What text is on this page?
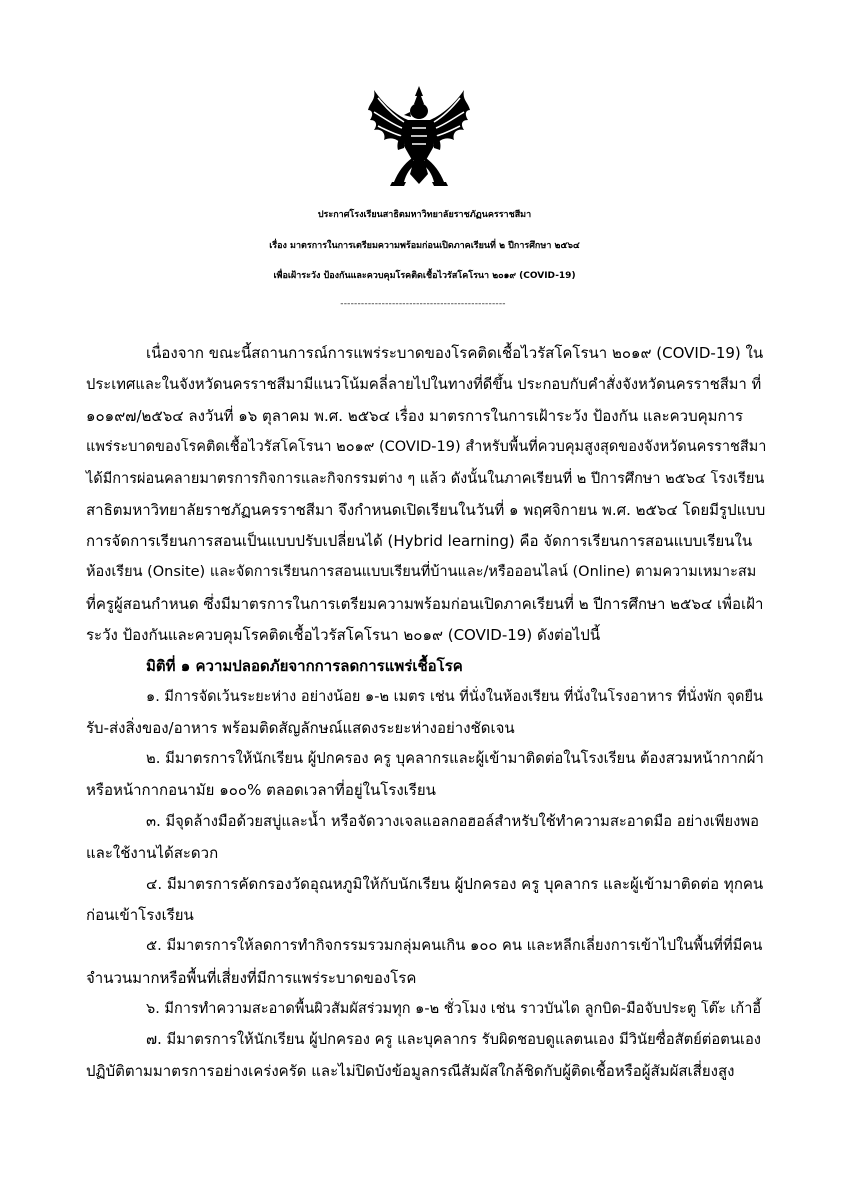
ประกาศโรงเรียนสาธิตมหาวิทยาลัยราชภัฏนครราชสีมา
เรื่อง มาตรการในการเตรียมความพร้อมก่อนเปิดภาคเรียนที่ ๒ ปีการศึกษา ๒๕๖๔
เพื่อเฝ้าระวัง ป้องกันและควบคุมโรคติดเชื้อไวรัสโคโรนา ๒๐๑๙ (COVID-19)
------------------------------------------------
เนื่องจาก ขณะนี้สถานการณ์การแพร่ระบาดของโรคติดเชื้อไวรัสโคโรนา ๒๐๑๙ (COVID-19) ใน
ประเทศและในจังหวัดนครราชสีมามีแนวโน้มคลี่ลายไปในทางที่ดีขึ้น ประกอบกับคำสั่งจังหวัดนครราชสีมา ที่
๑๐๑๙๗/๒๕๖๔ ลงวันที่ ๑๖ ตุลาคม พ.ศ. ๒๕๖๔ เรื่อง มาตรการในการเฝ้าระวัง ป้องกัน และควบคุมการ
แพร่ระบาดของโรคติดเชื้อไวรัสโคโรนา ๒๐๑๙ (COVID-19) สำหรับพื้นที่ควบคุมสูงสุดของจังหวัดนครราชสีมา
ได้มีการผ่อนคลายมาตรการกิจการและกิจกรรมต่าง ๆ แล้ว ดังนั้นในภาคเรียนที่ ๒ ปีการศึกษา ๒๕๖๔ โรงเรียน
สาธิตมหาวิทยาลัยราชภัฏนครราชสีมา จึงกำหนดเปิดเรียนในวันที่ ๑ พฤศจิกายน พ.ศ. ๒๕๖๔ โดยมีรูปแบบ
การจัดการเรียนการสอนเป็นแบบปรับเปลี่ยนได้ (Hybrid learning) คือ จัดการเรียนการสอนแบบเรียนใน
ห้องเรียน (Onsite) และจัดการเรียนการสอนแบบเรียนที่บ้านและ/หรือออนไลน์ (Online) ตามความเหมาะสม
ที่ครูผู้สอนกำหนด ซึ่งมีมาตรการในการเตรียมความพร้อมก่อนเปิดภาคเรียนที่ ๒ ปีการศึกษา ๒๕๖๔ เพื่อเฝ้า
ระวัง ป้องกันและควบคุมโรคติดเชื้อไวรัสโคโรนา ๒๐๑๙ (COVID-19) ดังต่อไปนี้
มิติที่ ๑ ความปลอดภัยจากการลดการแพร่เชื้อโรค
๑. มีการจัดเว้นระยะห่าง อย่างน้อย ๑-๒ เมตร เช่น ที่นั่งในห้องเรียน ที่นั่งในโรงอาหาร ที่นั่งพัก จุดยืน
รับ-ส่งสิ่งของ/อาหาร พร้อมติดสัญลักษณ์แสดงระยะห่างอย่างชัดเจน
๒. มีมาตรการให้นักเรียน ผู้ปกครอง ครู บุคลากรและผู้เข้ามาติดต่อในโรงเรียน ต้องสวมหน้ากากผ้า
หรือหน้ากากอนามัย ๑๐๐% ตลอดเวลาที่อยู่ในโรงเรียน
๓. มีจุดล้างมือด้วยสบู่และน้ำ หรือจัดวางเจลแอลกอฮอล์สำหรับใช้ทำความสะอาดมือ อย่างเพียงพอ
และใช้งานได้สะดวก
๔. มีมาตรการคัดกรองวัดอุณหภูมิให้กับนักเรียน ผู้ปกครอง ครู บุคลากร และผู้เข้ามาติดต่อ ทุกคน
ก่อนเข้าโรงเรียน
๕. มีมาตรการให้ลดการทำกิจกรรมรวมกลุ่มคนเกิน ๑๐๐ คน และหลีกเลี่ยงการเข้าไปในพื้นที่ที่มีคน
จำนวนมากหรือพื้นที่เสี่ยงที่มีการแพร่ระบาดของโรค
๖. มีการทำความสะอาดพื้นผิวสัมผัสร่วมทุก ๑-๒ ชั่วโมง เช่น ราวบันได ลูกบิด-มือจับประตู โต๊ะ เก้าอี้
๗. มีมาตรการให้นักเรียน ผู้ปกครอง ครู และบุคลากร รับผิดชอบดูแลตนเอง มีวินัยซื่อสัตย์ต่อตนเอง
ปฏิบัติตามมาตรการอย่างเคร่งครัด และไม่ปิดบังข้อมูลกรณีสัมผัสใกล้ชิดกับผู้ติดเชื้อหรือผู้สัมผัสเสี่ยงสูง
